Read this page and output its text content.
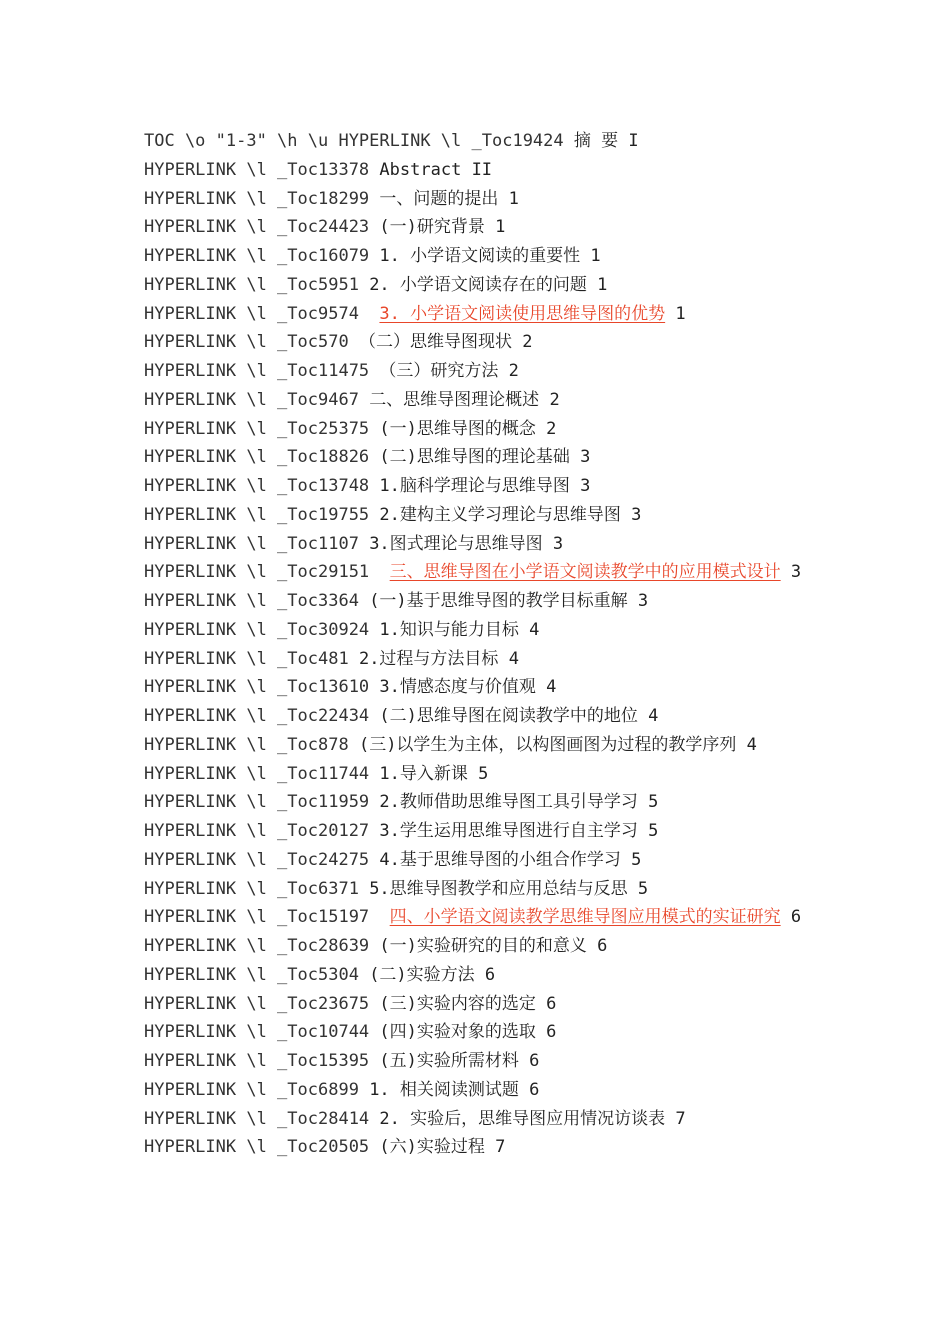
TOC \o "1-3" \h \u HYPERLINK \l _Toc19424 摘 要 I
HYPERLINK \l _Toc13378 Abstract II
HYPERLINK \l _Toc18299 一、问题的提出 1
HYPERLINK \l _Toc24423 (一)研究背景 1
HYPERLINK \l _Toc16079 1. 小学语文阅读的重要性 1
HYPERLINK \l _Toc5951 2. 小学语文阅读存在的问题 1
HYPERLINK \l _Toc9574 3. 小学语文阅读使用思维导图的优势 1
HYPERLINK \l _Toc570 （二）思维导图现状 2
HYPERLINK \l _Toc11475 （三）研究方法 2
HYPERLINK \l _Toc9467 二、思维导图理论概述 2
HYPERLINK \l _Toc25375 (一)思维导图的概念 2
HYPERLINK \l _Toc18826 (二)思维导图的理论基础 3
HYPERLINK \l _Toc13748 1.脑科学理论与思维导图 3
HYPERLINK \l _Toc19755 2.建构主义学习理论与思维导图 3
HYPERLINK \l _Toc1107 3.图式理论与思维导图 3
HYPERLINK \l _Toc29151 三、思维导图在小学语文阅读教学中的应用模式设计 3
HYPERLINK \l _Toc3364 (一)基于思维导图的教学目标重解 3
HYPERLINK \l _Toc30924 1.知识与能力目标 4
HYPERLINK \l _Toc481 2.过程与方法目标 4
HYPERLINK \l _Toc13610 3.情感态度与价值观 4
HYPERLINK \l _Toc22434 (二)思维导图在阅读教学中的地位 4
HYPERLINK \l _Toc878 (三)以学生为主体，以构图画图为过程的教学序列 4
HYPERLINK \l _Toc11744 1.导入新课 5
HYPERLINK \l _Toc11959 2.教师借助思维导图工具引导学习 5
HYPERLINK \l _Toc20127 3.学生运用思维导图进行自主学习 5
HYPERLINK \l _Toc24275 4.基于思维导图的小组合作学习 5
HYPERLINK \l _Toc6371 5.思维导图教学和应用总结与反思 5
HYPERLINK \l _Toc15197 四、小学语文阅读教学思维导图应用模式的实证研究 6
HYPERLINK \l _Toc28639 (一)实验研究的目的和意义 6
HYPERLINK \l _Toc5304 (二)实验方法 6
HYPERLINK \l _Toc23675 (三)实验内容的选定 6
HYPERLINK \l _Toc10744 (四)实验对象的选取 6
HYPERLINK \l _Toc15395 (五)实验所需材料 6
HYPERLINK \l _Toc6899 1. 相关阅读测试题 6
HYPERLINK \l _Toc28414 2. 实验后，思维导图应用情况访谈表 7
HYPERLINK \l _Toc20505 (六)实验过程 7
